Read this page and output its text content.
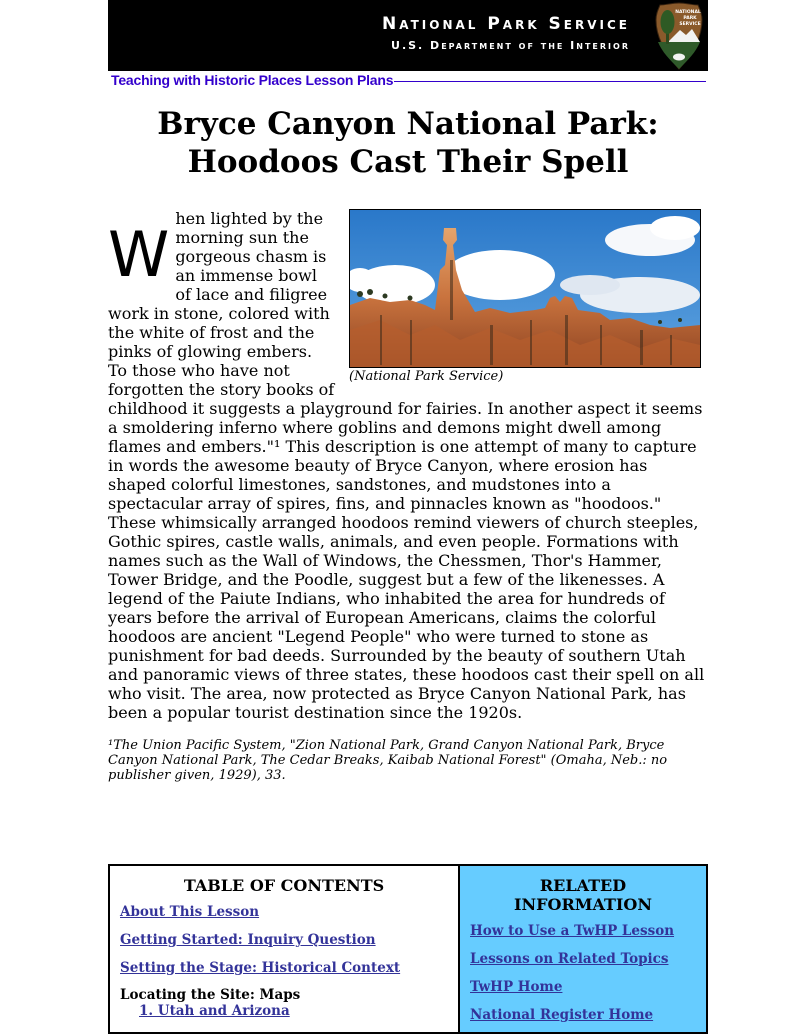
National Park Service
U.S. Department of the Interior
NATIONAL
PARK
SERVICE
Teaching with Historic Places Lesson Plans
Bryce Canyon National Park:
Hoodoos Cast Their Spell
(National Park Service)
W hen lighted by the morning sun the gorgeous chasm is an immense bowl of lace and filigree work in stone, colored with the white of frost and the pinks of glowing embers. To those who have not forgotten the story books of childhood it suggests a playground for fairies. In another aspect it seems a smoldering inferno where goblins and demons might dwell among flames and embers."¹ This description is one attempt of many to capture in words the awesome beauty of Bryce Canyon, where erosion has shaped colorful limestones, sandstones, and mudstones into a spectacular array of spires, fins, and pinnacles known as "hoodoos." These whimsically arranged hoodoos remind viewers of church steeples, Gothic spires, castle walls, animals, and even people. Formations with names such as the Wall of Windows, the Chessmen, Thor's Hammer, Tower Bridge, and the Poodle, suggest but a few of the likenesses. A legend of the Paiute Indians, who inhabited the area for hundreds of years before the arrival of European Americans, claims the colorful hoodoos are ancient "Legend People" who were turned to stone as punishment for bad deeds. Surrounded by the beauty of southern Utah and panoramic views of three states, these hoodoos cast their spell on all who visit. The area, now protected as Bryce Canyon National Park, has been a popular tourist destination since the 1920s.
¹The Union Pacific System, "Zion National Park, Grand Canyon National Park, Bryce Canyon National Park, The Cedar Breaks, Kaibab National Forest" (Omaha, Neb.: no publisher given, 1929), 33.
TABLE OF CONTENTS
About This Lesson
Getting Started: Inquiry Question
Setting the Stage: Historical Context
Locating the Site: Maps
1. Utah and Arizona
RELATED
INFORMATION
How to Use a TwHP Lesson
Lessons on Related Topics
TwHP Home
National Register Home
